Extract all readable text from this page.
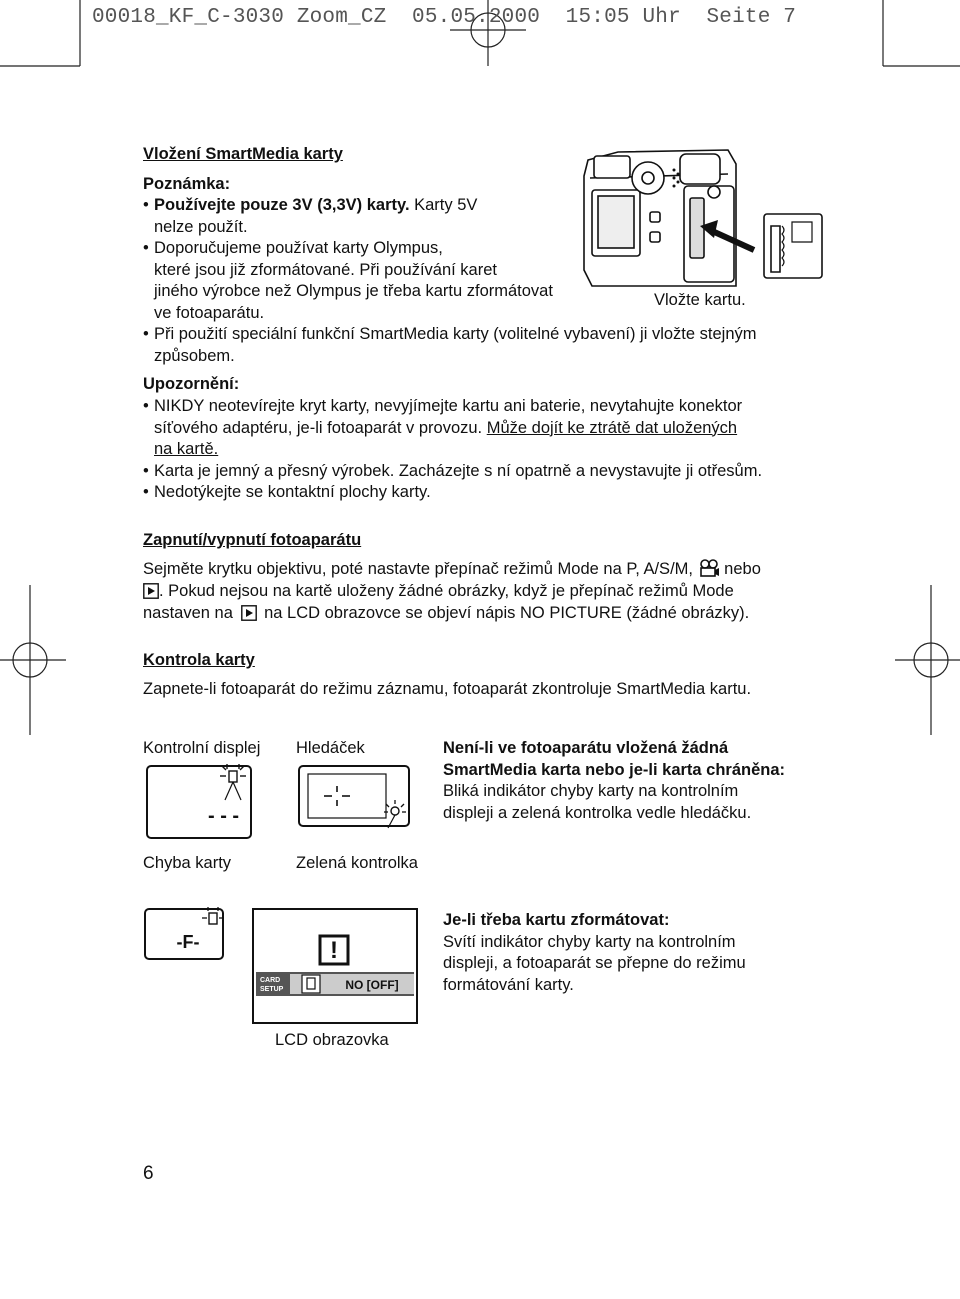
00018_KF_C-3030 Zoom_CZ  05.05.2000  15:05 Uhr  Seite 7
Vložení SmartMedia karty
Poznámka:
• Používejte pouze 3V (3,3V) karty. Karty 5V
nelze použít.
• Doporučujeme používat karty Olympus,
které jsou již zformátované. Při používání karet
jiného výrobce než Olympus je třeba kartu zformátovat
ve fotoaparátu.
• Při použití speciální funkční SmartMedia karty (volitelné vybavení) ji vložte stejným
způsobem.
Vložte kartu.
Upozornění:
• NIKDY neotevírejte kryt karty, nevyjímejte kartu ani baterie, nevytahujte konektor
síťového adaptéru, je-li fotoaparát v provozu. Může dojít ke ztrátě dat uložených
na kartě.
• Karta je jemný a přesný výrobek. Zacházejte s ní opatrně a nevystavujte ji otřesům.
• Nedotýkejte se kontaktní plochy karty.
Zapnutí/vypnutí fotoaparátu
Sejměte krytku objektivu, poté nastavte přepínač režimů Mode na P, A/S/M, nebo
. Pokud nejsou na kartě uloženy žádné obrázky, když je přepínač režimů Mode
nastaven na na LCD obrazovce se objeví nápis NO PICTURE (žádné obrázky).
Kontrola karty
Zapnete-li fotoaparát do režimu záznamu, fotoaparát zkontroluje SmartMedia kartu.
Kontrolní displej Hledáček
- - -
Chyba karty	Zelená kontrolka
Není-li ve fotoaparátu vložená žádná
SmartMedia karta nebo je-li karta chráněna:
Bliká indikátor chyby karty na kontrolním
displeji a zelená kontrolka vedle hledáčku.
-F-	!
CARD
SETUP	NO [OFF]
LCD obrazovka
Je-li třeba kartu zformátovat:
Svítí indikátor chyby karty na kontrolním
displeji, a fotoaparát se přepne do režimu
formátování karty.
6
